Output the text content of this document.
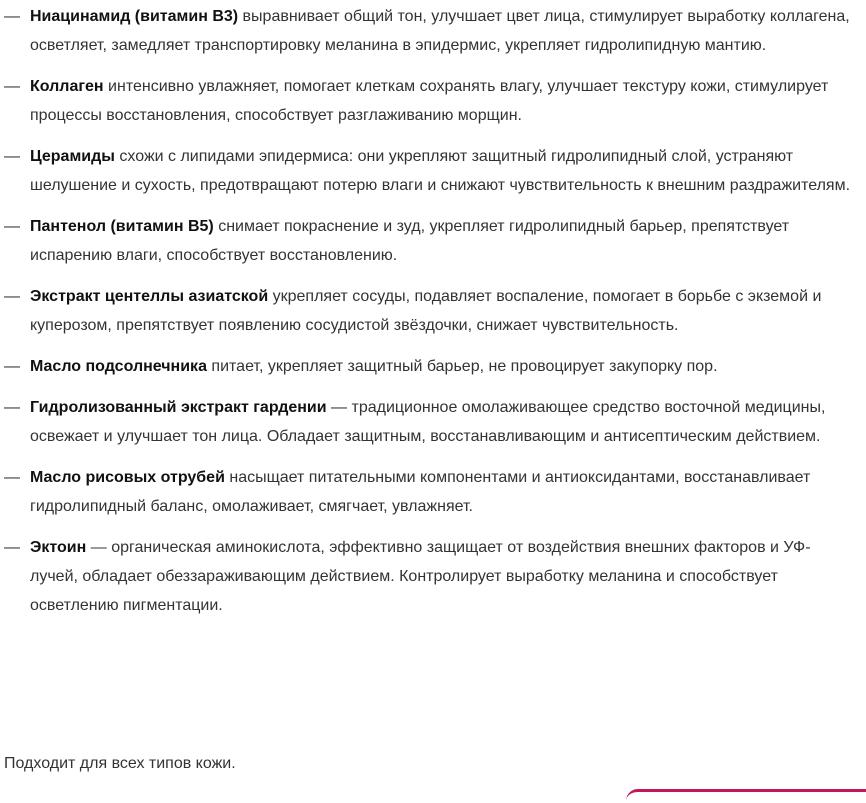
— Ниацинамид (витамин В3) выравнивает общий тон, улучшает цвет лица, стимулирует выработку коллагена, осветляет, замедляет транспортировку меланина в эпидермис, укрепляет гидролипидную мантию.
— Коллаген интенсивно увлажняет, помогает клеткам сохранять влагу, улучшает текстуру кожи, стимулирует процессы восстановления, способствует разглаживанию морщин.
— Церамиды схожи с липидами эпидермиса: они укрепляют защитный гидролипидный слой, устраняют шелушение и сухость, предотвращают потерю влаги и снижают чувствительность к внешним раздражителям.
— Пантенол (витамин В5) снимает покраснение и зуд, укрепляет гидролипидный барьер, препятствует испарению влаги, способствует восстановлению.
— Экстракт центеллы азиатской укрепляет сосуды, подавляет воспаление, помогает в борьбе с экземой и куперозом, препятствует появлению сосудистой звёздочки, снижает чувствительность.
— Масло подсолнечника питает, укрепляет защитный барьер, не провоцирует закупорку пор.
— Гидролизованный экстракт гардении — традиционное омолаживающее средство восточной медицины, освежает и улучшает тон лица. Обладает защитным, восстанавливающим и антисептическим действием.
— Масло рисовых отрубей насыщает питательными компонентами и антиоксидантами, восстанавливает гидролипидный баланс, омолаживает, смягчает, увлажняет.
— Эктоин — органическая аминокислота, эффективно защищает от воздействия внешних факторов и УФ-лучей, обладает обеззараживающим действием. Контролирует выработку меланина и способствует осветлению пигментации.

Подходит для всех типов кожи.
